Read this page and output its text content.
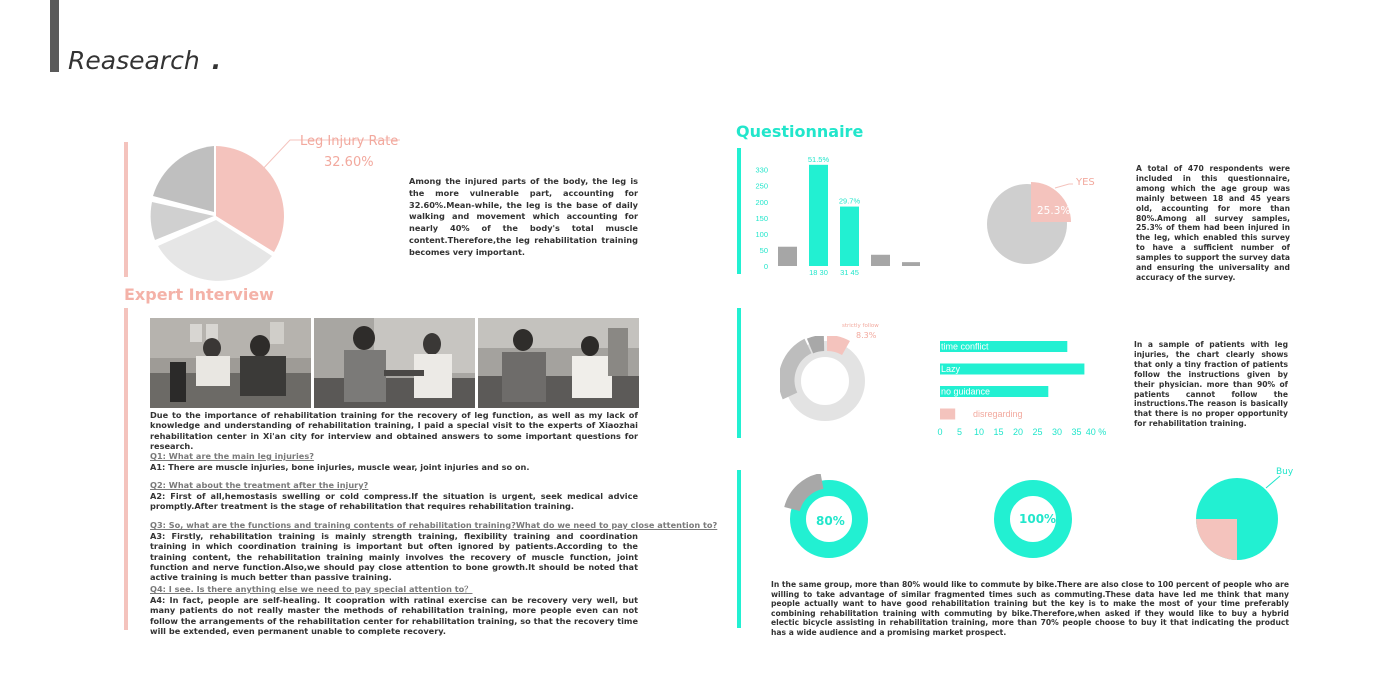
Reasearch .
Leg Injury Rate
32.60%
Among the injured parts of the body, the leg is the more vulnerable part, accounting for 32.60%.Mean-while, the leg is the base of daily walking and movement which accounting for nearly 40% of the body's total muscle content.Therefore,the leg rehabilitation training becomes very important.
Expert Interview
Due to the importance of rehabilitation training for the recovery of leg function, as well as my lack of knowledge and understanding of rehabilitation training, I paid a special visit to the experts of Xiaozhai rehabilitation center in Xi'an city for interview and obtained answers to some important questions for research.
Q1: What are the main leg injuries?
A1: There are muscle injuries, bone injuries, muscle wear, joint injuries and so on.
Q2: What about the treatment after the injury?
A2: First of all,hemostasis swelling or cold compress.If the situation is urgent, seek medical advice promptly.After treatment is the stage of rehabilitation that requires rehabilitation training.
Q3: So, what are the functions and training contents of rehabilitation training?What do we need to pay close attention to?
A3: Firstly, rehabilitation training is mainly strength training, flexibility training and coordination training in which coordination training is important but often ignored by patients.According to the training content, the rehabilitation training mainly involves the recovery of muscle function, joint function and nerve function.Also,we should pay close attention to bone growth.It should be noted that active training is much better than passive training.
Q4: I see. Is there anything else we need to pay special attention to？
A4: In fact, people are self-healing. It coopration with ratinal exercise can be recovery very well, but many patients do not really master the methods of rehabilitation training, more people even can not follow the arrangements of the rehabilitation center for rehabilitation training, so that the recovery time will be extended, even permanent unable to complete recovery.
Questionnaire
0
50
100
150
200
250
330
51.5%
18 30
29.7%
31 45
YES
25.3%
A total of 470 respondents were included in this questionnaire, among which the age group was mainly between 18 and 45 years old, accounting for more than 80%.Among all survey samples, 25.3% of them had been injured in the leg, which enabled this survey to have a sufficient number of samples to support the survey data and ensuring the universality and accuracy of the survey.
strictly follow
8.3%
time conflict
Lazy
no guidance
disregarding
0 5 10 15 20 25 30 35 40 %
In a sample of patients with leg injuries, the chart clearly shows that only a tiny fraction of patients follow the instructions given by their physician. more than 90% of patients cannot follow the instructions.The reason is basically that there is no proper opportunity for rehabilitation training.
80%	100%
Buy
In the same group, more than 80% would like to commute by bike.There are also close to 100 percent of people who are willing to take advantage of similar fragmented times such as commuting.These data have led me think that many people actually want to have good rehabilitation training but the key is to make the most of your time preferably combining rehabilitation training with commuting by bike.Therefore,when asked if they would like to buy a hybrid electic bicycle assisting in rehabilitation training, more than 70% people choose to buy it that indicating the product has a wide audience and a promising market prospect.
